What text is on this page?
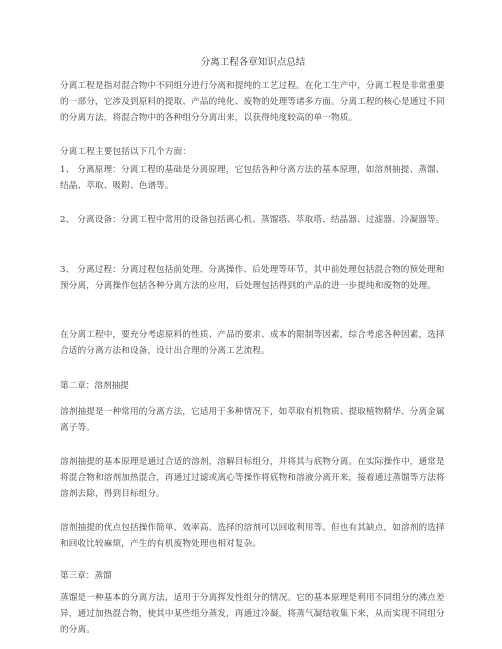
分离工程各章知识点总结

分离工程是指对混合物中不同组分进行分离和提纯的工艺过程。在化工生产中，分离工程是非常重要的一部分，它涉及到原料的提取、产品的纯化、废物的处理等诸多方面。分离工程的核心是通过不同的分离方法，将混合物中的各种组分分离出来，以获得纯度较高的单一物质。

分离工程主要包括以下几个方面：

1、 分离原理：分离工程的基础是分离原理，它包括各种分离方法的基本原理，如溶剂抽提、蒸馏、结晶、萃取、吸附、色谱等。

2、 分离设备：分离工程中常用的设备包括离心机、蒸馏塔、萃取塔、结晶器、过滤器、冷凝器等。

3、 分离过程：分离过程包括前处理、分离操作、后处理等环节，其中前处理包括混合物的预处理和预分离，分离操作包括各种分离方法的应用，后处理包括得到的产品的进一步提纯和废物的处理。

在分离工程中，要充分考虑原料的性质、产品的要求、成本的限制等因素，综合考虑各种因素，选择合适的分离方法和设备，设计出合理的分离工艺流程。

第二章：溶剂抽提

溶剂抽提是一种常用的分离方法，它适用于多种情况下，如萃取有机物质、提取植物精华、分离金属离子等。

溶剂抽提的基本原理是通过合适的溶剂，溶解目标组分，并将其与底物分离。在实际操作中，通常是将混合物和溶剂加热混合，再通过过滤或离心等操作将底物和溶液分离开来，接着通过蒸馏等方法将溶剂去除，得到目标组分。

溶剂抽提的优点包括操作简单、效率高、选择的溶剂可以回收利用等。但也有其缺点，如溶剂的选择和回收比较麻烦，产生的有机废物处理也相对复杂。

第三章：蒸馏

蒸馏是一种基本的分离方法，适用于分离挥发性组分的情况。它的基本原理是利用不同组分的沸点差异，通过加热混合物，使其中某些组分蒸发，再通过冷凝，将蒸气凝结收集下来，从而实现不同组分的分离。
